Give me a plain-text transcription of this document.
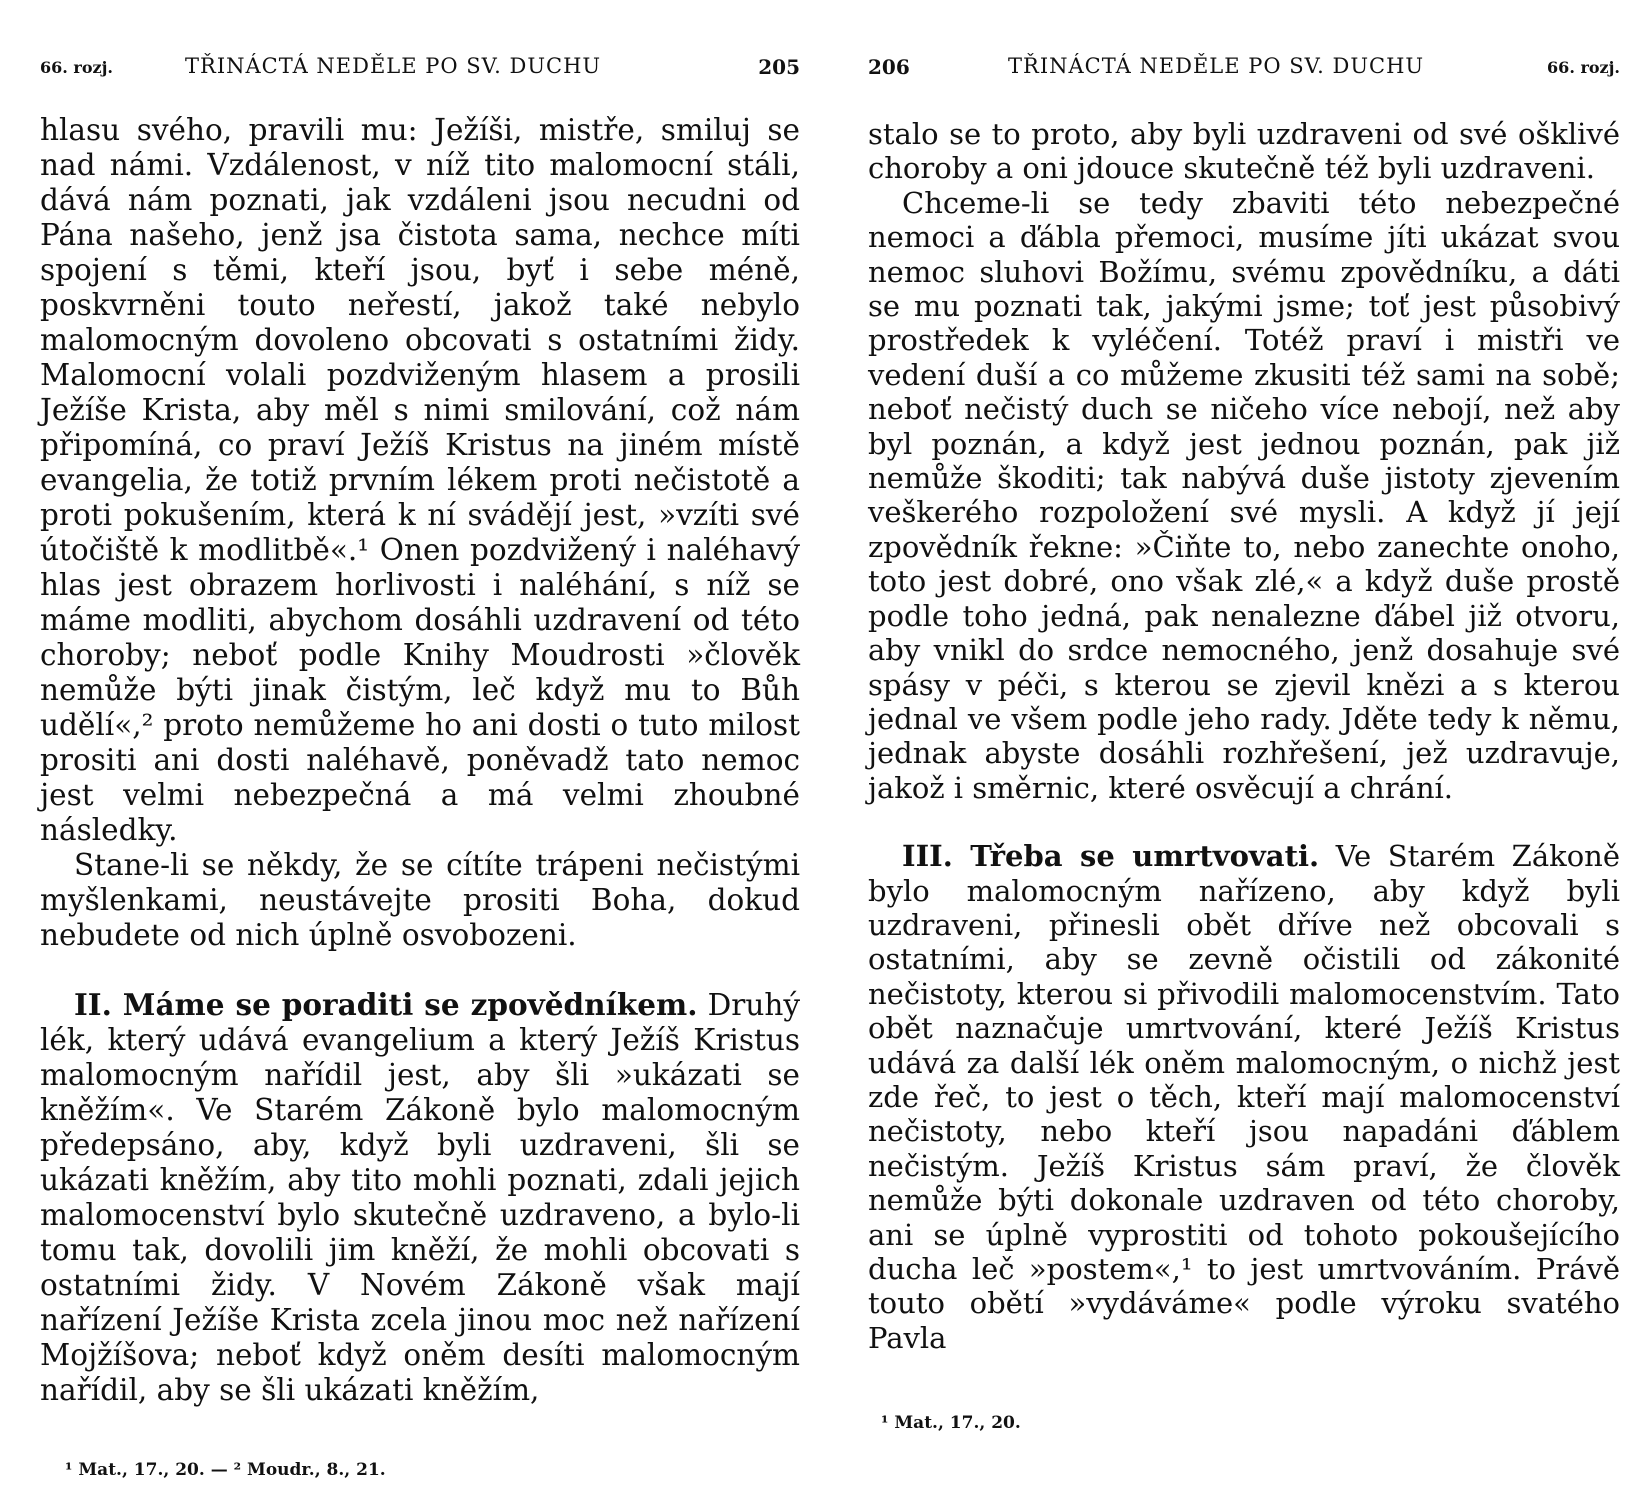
66. rozj.	TŘINÁCTÁ NEDĚLE PO SV. DUCHU	205

hlasu svého, pravili mu: Ježíši, mistře, smiluj se nad námi. Vzdálenost, v níž tito malomocní stáli, dává nám poznati, jak vzdáleni jsou necudni od Pána našeho, jenž jsa čistota sama, nechce míti spojení s těmi, kteří jsou, byť i sebe méně, poskvrněni touto neřestí, jakož také nebylo malomocným dovoleno obcovati s ostatními židy. Malomocní volali pozdviženým hlasem a prosili Ježíše Krista, aby měl s nimi smilování, což nám připomíná, co praví Ježíš Kristus na jiném místě evangelia, že totiž prvním lékem proti nečistotě a proti pokušením, která k ní svádějí jest, »vzíti své útočiště k modlitbě«.¹ Onen pozdvižený i naléhavý hlas jest obrazem horlivosti i naléhání, s níž se máme modliti, abychom dosáhli uzdravení od této choroby; neboť podle Knihy Moudrosti »člověk nemůže býti jinak čistým, leč když mu to Bůh udělí«,² proto nemůžeme ho ani dosti o tuto milost prositi ani dosti naléhavě, poněvadž tato nemoc jest velmi nebezpečná a má velmi zhoubné následky.

Stane-li se někdy, že se cítíte trápeni nečistými myšlenkami, neustávejte prositi Boha, dokud nebudete od nich úplně osvobozeni.

II. Máme se poraditi se zpovědníkem. Druhý lék, který udává evangelium a který Ježíš Kristus malomocným nařídil jest, aby šli »ukázati se kněžím«. Ve Starém Zákoně bylo malomocným předepsáno, aby, když byli uzdraveni, šli se ukázati kněžím, aby tito mohli poznati, zdali jejich malomocenství bylo skutečně uzdraveno, a bylo-li tomu tak, dovolili jim kněží, že mohli obcovati s ostatními židy. V Novém Zákoně však mají nařízení Ježíše Krista zcela jinou moc než nařízení Mojžíšova; neboť když oněm desíti malomocným nařídil, aby se šli ukázati kněžím,

¹ Mat., 17., 20. — ² Moudr., 8., 21.
206	TŘINÁCTÁ NEDĚLE PO SV. DUCHU	66. rozj.

stalo se to proto, aby byli uzdraveni od své ošklivé choroby a oni jdouce skutečně též byli uzdraveni.

Chceme-li se tedy zbaviti této nebezpečné nemoci a ďábla přemoci, musíme jíti ukázat svou nemoc sluhovi Božímu, svému zpovědníku, a dáti se mu poznati tak, jakými jsme; toť jest působivý prostředek k vyléčení. Totéž praví i mistři ve vedení duší a co můžeme zkusiti též sami na sobě; neboť nečistý duch se ničeho více nebojí, než aby byl poznán, a když jest jednou poznán, pak již nemůže škoditi; tak nabývá duše jistoty zjevením veškerého rozpoložení své mysli. A když jí její zpovědník řekne: »Čiňte to, nebo zanechte onoho, toto jest dobré, ono však zlé,« a když duše prostě podle toho jedná, pak nenalezne ďábel již otvoru, aby vnikl do srdce nemocného, jenž dosahuje své spásy v péči, s kterou se zjevil knězi a s kterou jednal ve všem podle jeho rady. Jděte tedy k němu, jednak abyste dosáhli rozhřešení, jež uzdravuje, jakož i směrnic, které osvěcují a chrání.

III. Třeba se umrtvovati. Ve Starém Zákoně bylo malomocným nařízeno, aby když byli uzdraveni, přinesli obět dříve než obcovali s ostatními, aby se zevně očistili od zákonité nečistoty, kterou si přivodili malomocenstvím. Tato obět naznačuje umrtvování, které Ježíš Kristus udává za další lék oněm malomocným, o nichž jest zde řeč, to jest o těch, kteří mají malomocenství nečistoty, nebo kteří jsou napadáni ďáblem nečistým. Ježíš Kristus sám praví, že člověk nemůže býti dokonale uzdraven od této choroby, ani se úplně vyprostiti od tohoto pokoušejícího ducha leč »postem«,¹ to jest umrtvováním. Právě touto obětí »vydáváme« podle výroku svatého Pavla

¹ Mat., 17., 20.
